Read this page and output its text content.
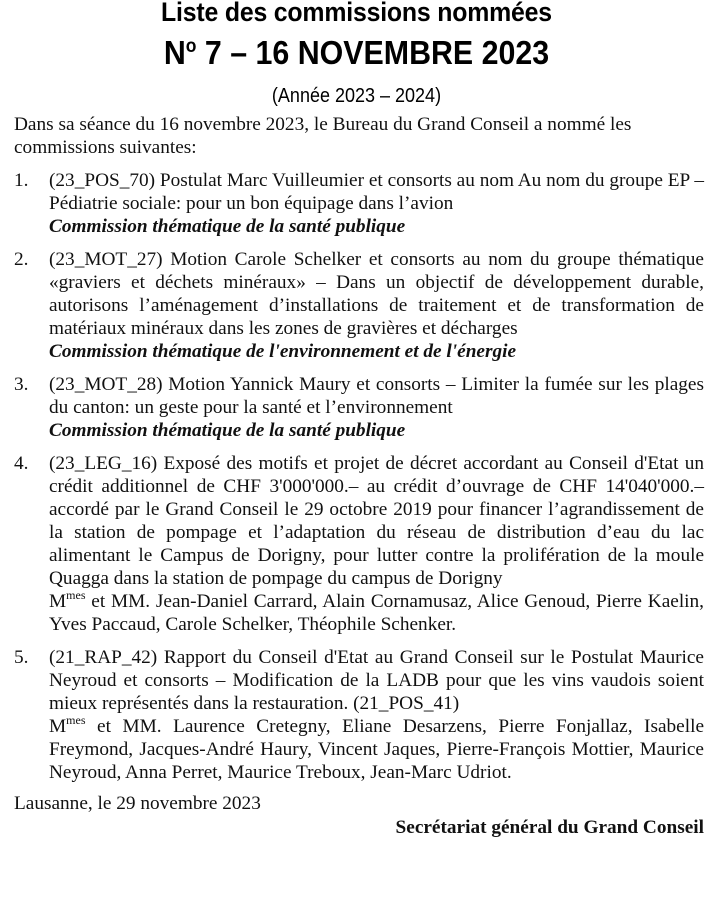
Liste des commissions nommées
$N^o$ 7 – 16 NOVEMBRE 2023
(Année 2023 – 2024)

Dans sa séance du 16 novembre 2023, le Bureau du Grand Conseil a nommé les commissions suivantes:

1.	(23_POS_70) Postulat Marc Vuilleumier et consorts au nom Au nom du groupe EP – Pédiatrie sociale: pour un bon équipage dans l’avion
Commission thématique de la santé publique
2.	(23_MOT_27) Motion Carole Schelker et consorts au nom du groupe thématique «graviers et déchets minéraux» – Dans un objectif de développement durable, autorisons l’aménagement d’installations de traitement et de transformation de matériaux minéraux dans les zones de gravières et décharges
Commission thématique de l'environnement et de l'énergie
3.	(23_MOT_28) Motion Yannick Maury et consorts – Limiter la fumée sur les plages du canton: un geste pour la santé et l’environnement
Commission thématique de la santé publique
4.	(23_LEG_16) Exposé des motifs et projet de décret accordant au Conseil d'Etat un crédit additionnel de CHF 3'000'000.– au crédit d’ouvrage de CHF 14'040'000.– accordé par le Grand Conseil le 29 octobre 2019 pour financer l’agrandissement de la station de pompage et l’adaptation du réseau de distribution d’eau du lac alimentant le Campus de Dorigny, pour lutter contre la prolifération de la moule Quagga dans la station de pompage du campus de Dorigny
$M^{mes}$ et MM. Jean-Daniel Carrard, Alain Cornamusaz, Alice Genoud, Pierre Kaelin, Yves Paccaud, Carole Schelker, Théophile Schenker.
5.	(21_RAP_42) Rapport du Conseil d'Etat au Grand Conseil sur le Postulat Maurice Neyroud et consorts – Modification de la LADB pour que les vins vaudois soient mieux représentés dans la restauration. (21_POS_41)
$M^{mes}$ et MM. Laurence Cretegny, Eliane Desarzens, Pierre Fonjallaz, Isabelle Freymond, Jacques-André Haury, Vincent Jaques, Pierre-François Mottier, Maurice Neyroud, Anna Perret, Maurice Treboux, Jean-Marc Udriot.
Lausanne, le 29 novembre 2023
Secrétariat général du Grand Conseil
